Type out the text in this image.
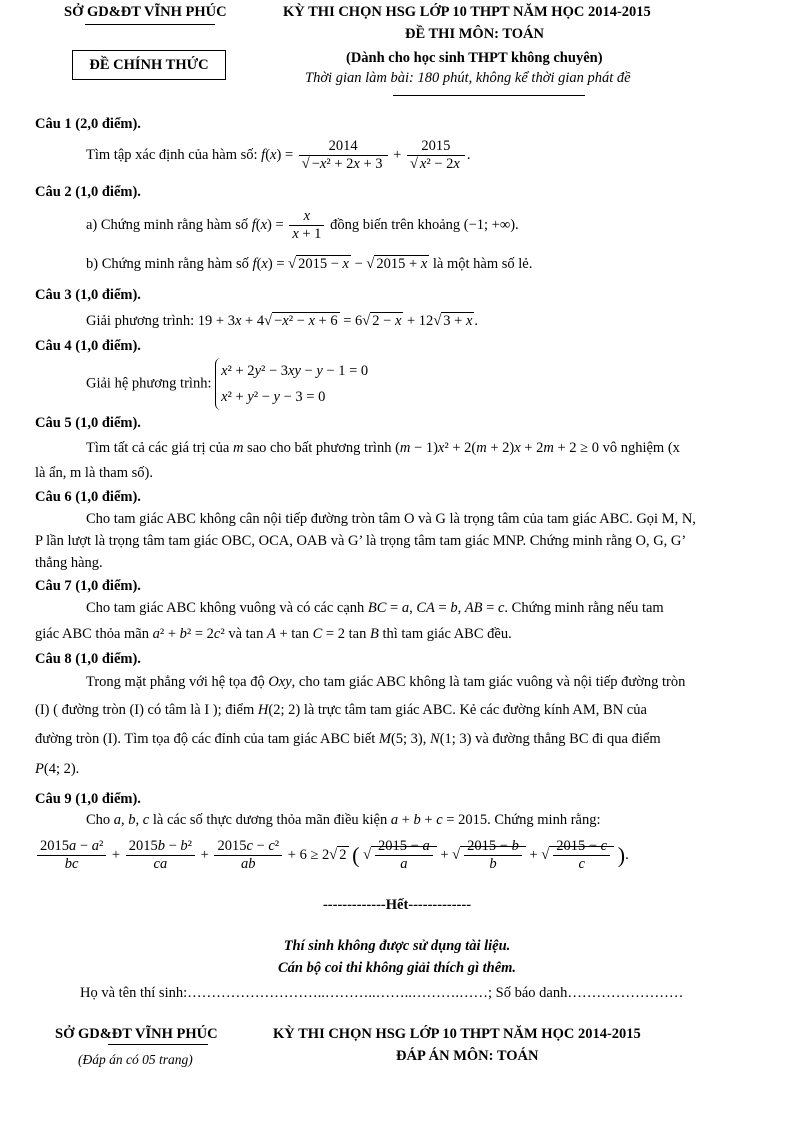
SỞ GD&ĐT VĨNH PHÚC	KỲ THI CHỌN HSG LỚP 10 THPT NĂM HỌC 2014-2015
ĐỀ THI MÔN: TOÁN
ĐỀ CHÍNH THỨC	(Dành cho học sinh THPT không chuyên)
Thời gian làm bài: 180 phút, không kể thời gian phát đề
Câu 1 (2,0 điểm).
Tìm tập xác định của hàm số: $f(x) = \frac{2014}{\text{√ −x² + 2x + 3}} + \frac{2015}{\text{√ x² − 2x}}$ .
Câu 2 (1,0 điểm).
a) Chứng minh rằng hàm số $f(x) = \frac{x}{x + 1}$ đồng biến trên khoảng (−1; +∞).
b) Chứng minh rằng hàm số f(x) = √ 2015 − x − √ 2015 + x là một hàm số lẻ.
Câu 3 (1,0 điểm).
Giải phương trình: 19 + 3x + 4√ −x² − x + 6 = 6√ 2 − x + 12√ 3 + x .
Câu 4 (1,0 điểm).
Giải hệ phương trình: x² + 2y² − 3xy − y − 1 = 0
x² + y² − y − 3 = 0
Câu 5 (1,0 điểm).
Tìm tất cả các giá trị của m sao cho bất phương trình (m − 1)x² + 2(m + 2)x + 2m + 2 ≥ 0 vô nghiệm (x
là ẩn, m là tham số).
Câu 6 (1,0 điểm).
Cho tam giác ABC không cân nội tiếp đường tròn tâm O và G là trọng tâm của tam giác ABC. Gọi M, N,
P lần lượt là trọng tâm tam giác OBC, OCA, OAB và G’ là trọng tâm tam giác MNP. Chứng minh rằng O, G, G’
thẳng hàng.
Câu 7 (1,0 điểm).
Cho tam giác ABC không vuông và có các cạnh BC = a, CA = b, AB = c. Chứng minh rằng nếu tam
giác ABC thỏa mãn a² + b² = 2c² và tan A + tan C = 2 tan B thì tam giác ABC đều.
Câu 8 (1,0 điểm).
Trong mặt phẳng với hệ tọa độ Oxy, cho tam giác ABC không là tam giác vuông và nội tiếp đường tròn
(I) ( đường tròn (I) có tâm là I ); điểm H(2; 2) là trực tâm tam giác ABC. Kẻ các đường kính AM, BN của
đường tròn (I). Tìm tọa độ các đỉnh của tam giác ABC biết M(5; 3), N(1; 3) và đường thẳng BC đi qua điểm
P(4; 2).
Câu 9 (1,0 điểm).
Cho a, b, c là các số thực dương thỏa mãn điều kiện a + b + c = 2015. Chứng minh rằng:
$\frac{\text{2015a − a²}}{bc} + \frac{\text{2015b − b²}}{ca} + \frac{\text{2015c − c²}}{ab} + 6 \ge 2√$ 2 ( √ $\frac{2015 - a}{a}$ + √ $\frac{2015 - b}{b}$ + √ $\frac{2015 - c}{c}$ ).
-------------Hết-------------
Thí sinh không được sử dụng tài liệu.
Cán bộ coi thi không giải thích gì thêm.
Họ và tên thí sinh:………………………..………..……..……….……; Số báo danh……………………
SỞ GD&ĐT VĨNH PHÚC
(Đáp án có 05 trang)
KỲ THI CHỌN HSG LỚP 10 THPT NĂM HỌC 2014-2015
ĐÁP ÁN MÔN: TOÁN
